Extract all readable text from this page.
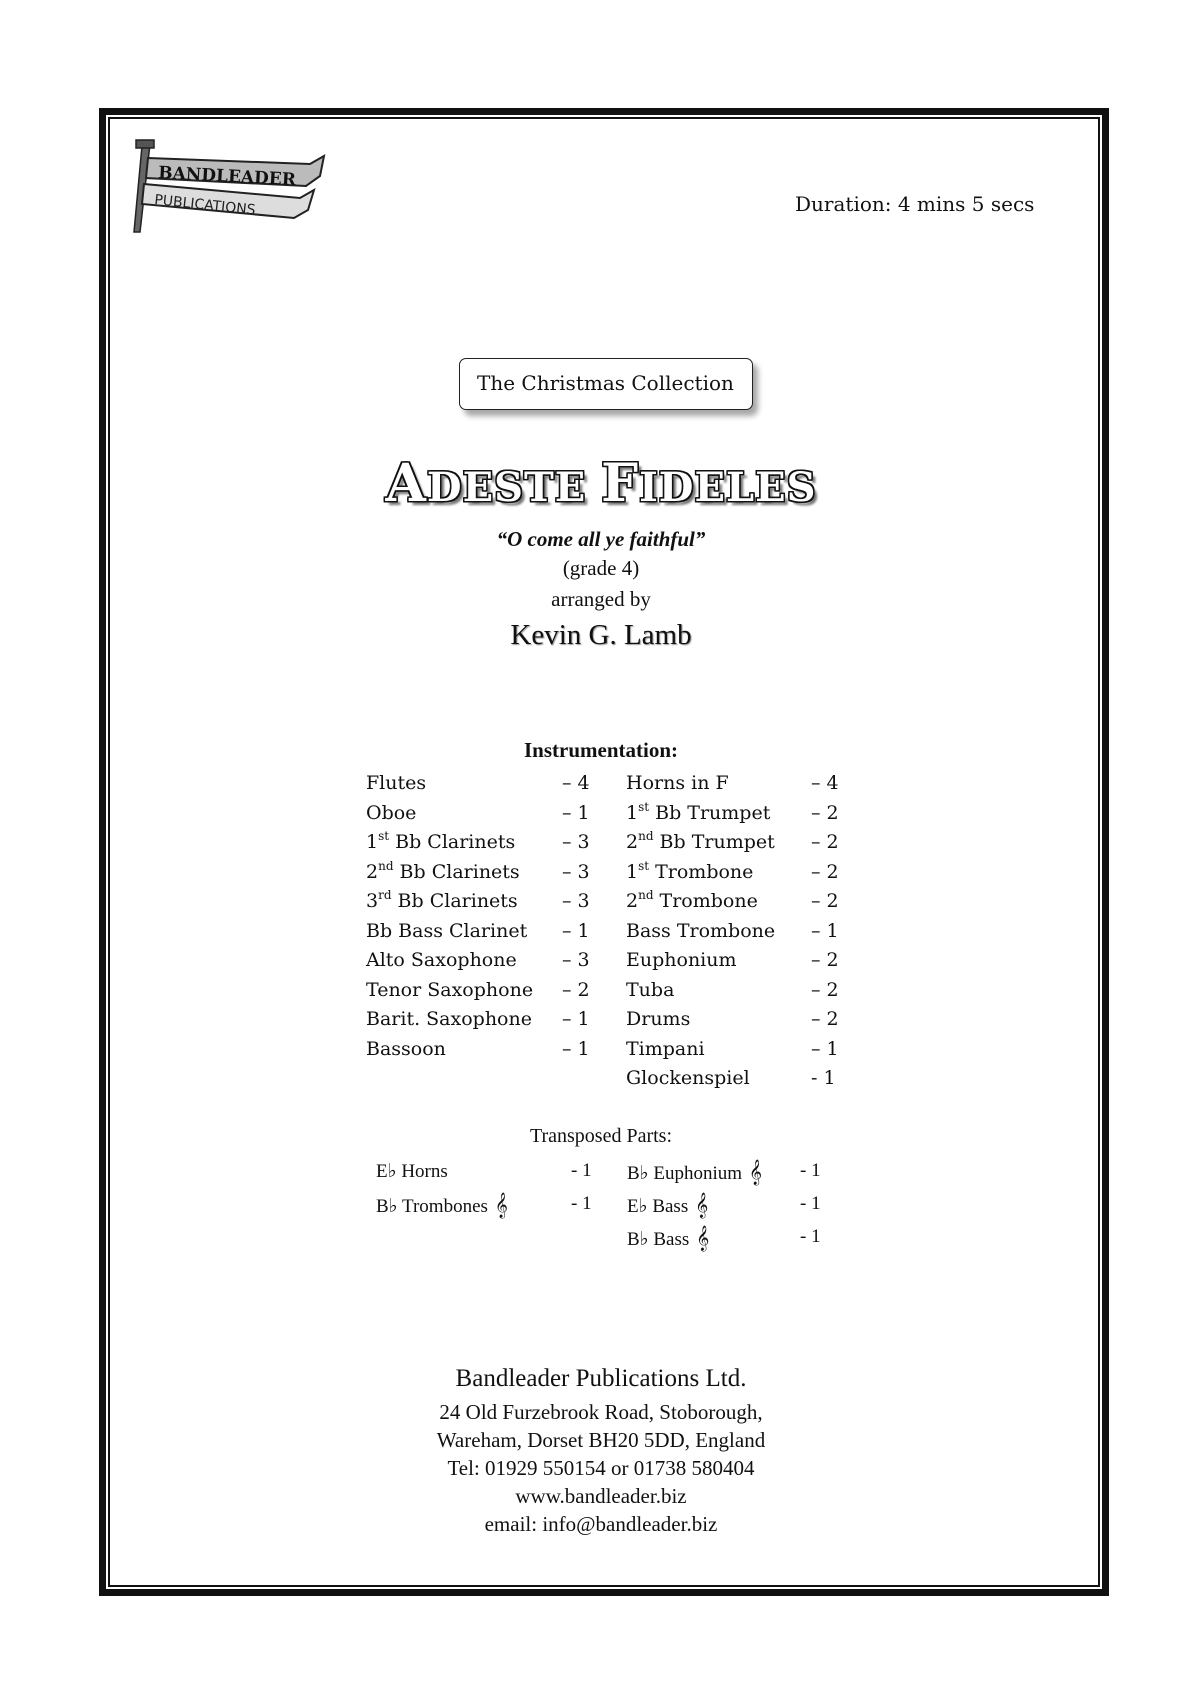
BANDLEADER
PUBLICATIONS	Duration: 4 mins 5 secs
The Christmas Collection
ADESTE FIDELES
“O come all ye faithful”
(grade 4)
arranged by
Kevin G. Lamb
Instrumentation:
Flutes	– 4
Oboe	– 1
1st Bb Clarinets – 3
2nd Bb Clarinets – 3
3rd Bb Clarinets – 3
Bb Bass Clarinet – 1
Alto Saxophone – 3
Tenor Saxophone – 2
Barit. Saxophone – 1
Bassoon	– 1
Horns in F	– 4
1st Bb Trumpet – 2
2nd Bb Trumpet – 2
1st Trombone	– 2
2nd Trombone	– 2
Bass Trombone – 1
Euphonium	– 2
Tuba	– 2
Drums	– 2
Timpani	– 1
Glockenspiel	- 1
Transposed Parts:
E♭ Horns	- 1
B♭ Trombones 𝄞	- 1
B♭ Euphonium 𝄞 - 1
E♭ Bass 𝄞	- 1
B♭ Bass 𝄞	- 1
Bandleader Publications Ltd.
24 Old Furzebrook Road, Stoborough,
Wareham, Dorset BH20 5DD, England
Tel: 01929 550154 or 01738 580404
www.bandleader.biz
email: info@bandleader.biz
